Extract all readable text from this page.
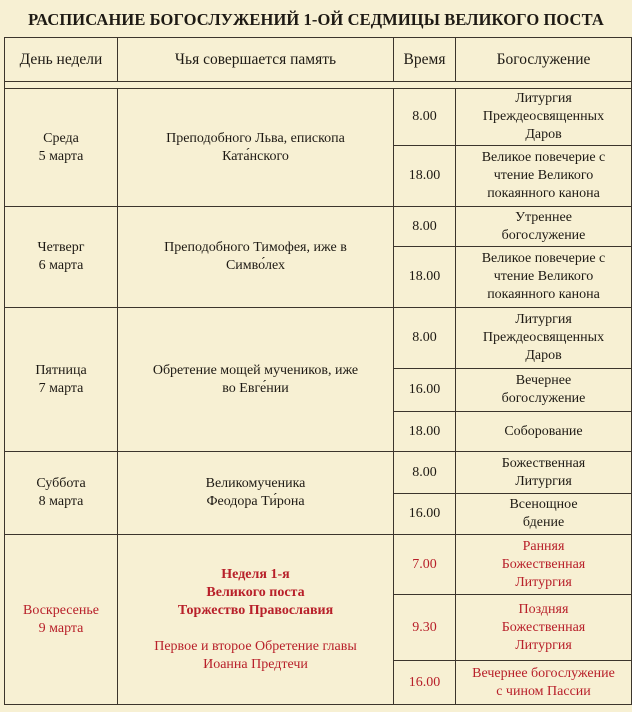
РАСПИСАНИЕ БОГОСЛУЖЕНИЙ 1-ОЙ СЕДМИЦЫ ВЕЛИКОГО ПОСТА
День недели	Чья совершается память	Время	Богослужение

Среда
5 марта	Преподобного Льва, епископа
Ката́нского	8.00	Литургия
Преждеосвященных
Даров

		18.00	Великое повечерие с
чтение Великого
покаянного канона

Четверг
6 марта	Преподобного Тимофея, иже в
Симво́лех	8.00	Утреннее
богослужение

		18.00	Великое повечерие с
чтение Великого
покаянного канона

Пятница
7 марта	Обретение мощей мучеников, иже
во Евге́нии	8.00	Литургия
Преждеосвященных
Даров

		16.00	Вечернее
богослужение

		18.00	Соборование

Суббота
8 марта	Великомученика
Феодора Ти́рона	8.00	Божественная
Литургия

		16.00	Всенощное
бдение

Воскресенье
9 марта	Неделя 1-я
Великого поста
Торжество Православия
Первое и второе Обретение главы
Иоанна Предтечи	7.00	Ранняя
Божественная
Литургия

		9.30	Поздняя
Божественная
Литургия

		16.00	Вечернее богослужение
с чином Пассии
